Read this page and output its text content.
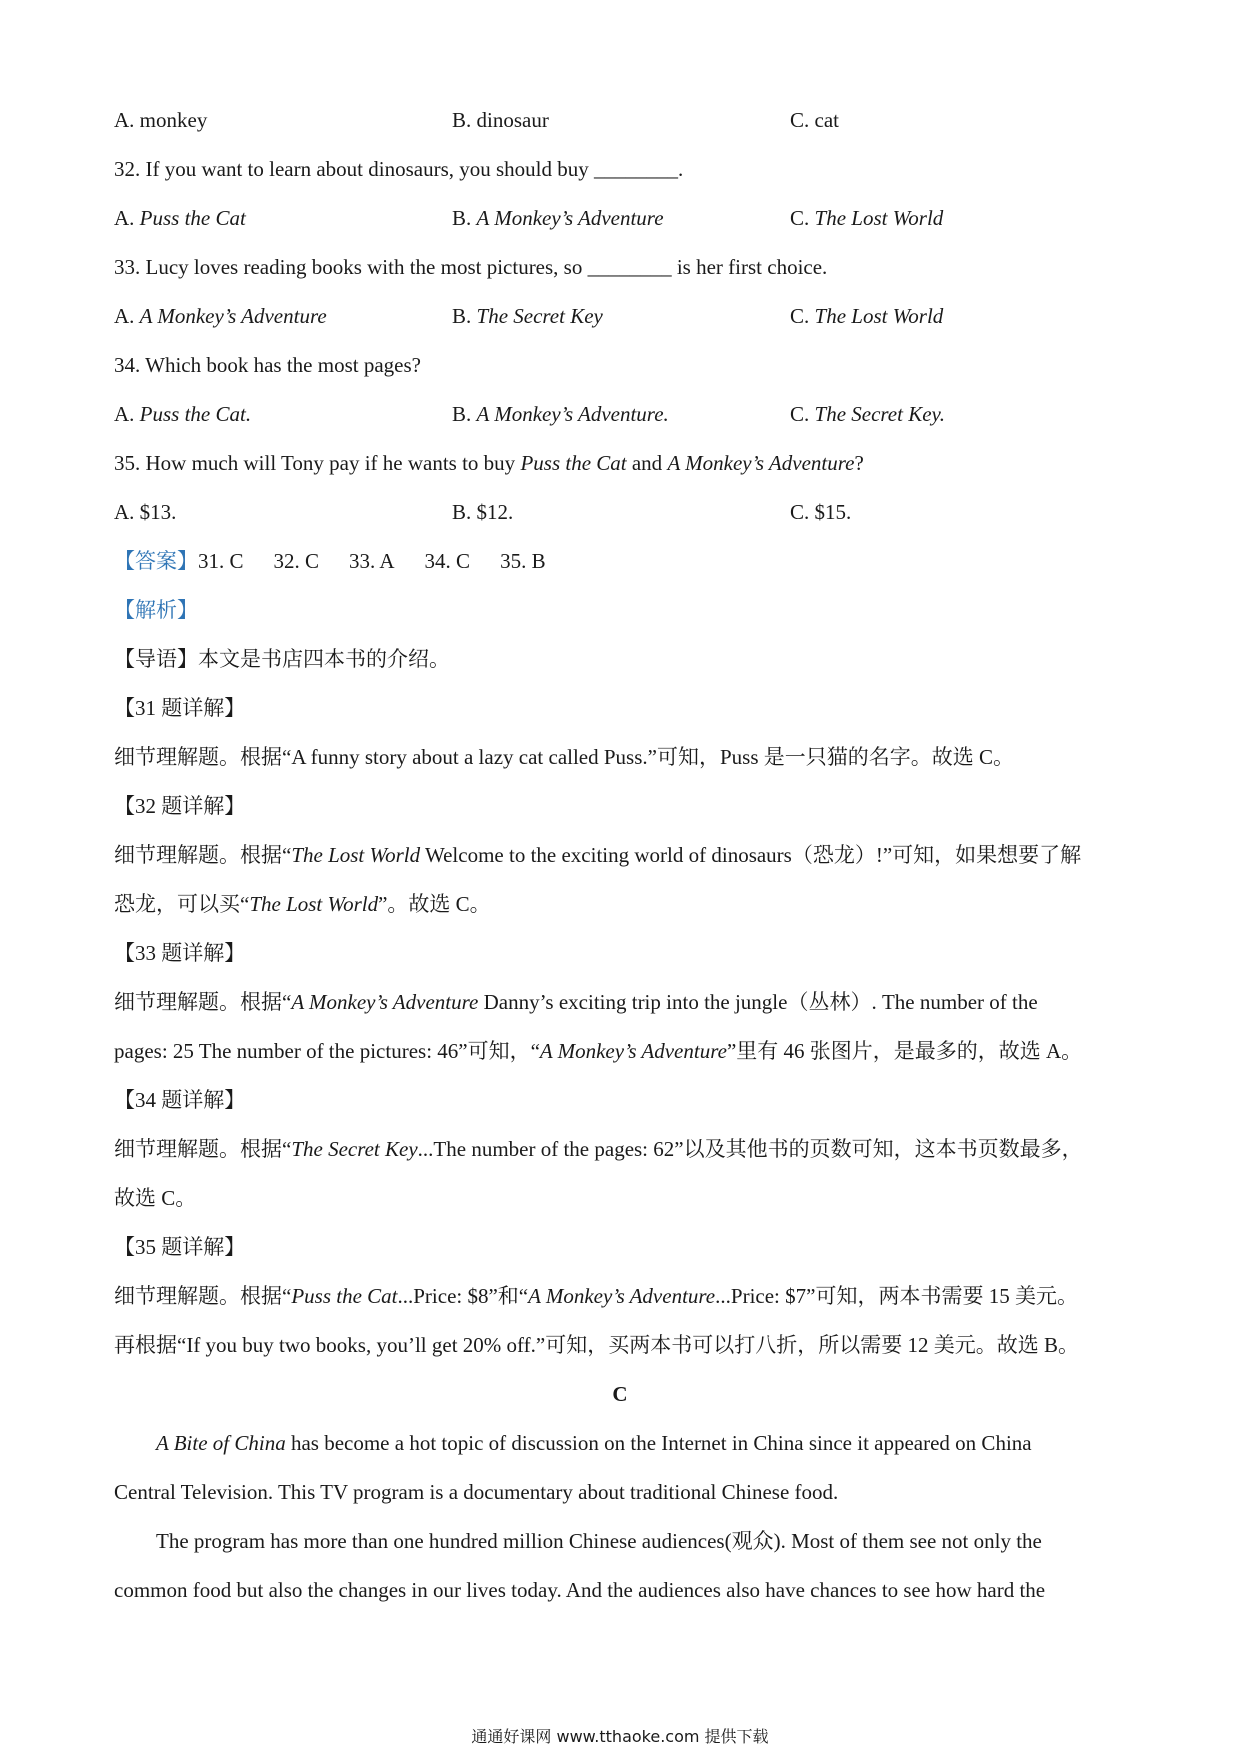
A. monkey	B. dinosaur	C. cat
32. If you want to learn about dinosaurs, you should buy ________.
A. Puss the Cat	B. A Monkey’s Adventure	C. The Lost World
33. Lucy loves reading books with the most pictures, so ________ is her first choice.
A. A Monkey’s Adventure	B. The Secret Key	C. The Lost World
34. Which book has the most pages?
A. Puss the Cat.	B. A Monkey’s Adventure.	C. The Secret Key.
35. How much will Tony pay if he wants to buy Puss the Cat and A Monkey’s Adventure?
A. $13.	B. $12.	C. $15.
【答案】31. C 32. C 33. A 34. C 35. B
【解析】
【导语】本文是书店四本书的介绍。
【31 题详解】
细节理解题。根据“A funny story about a lazy cat called Puss.”可知，Puss 是一只猫的名字。故选 C。
【32 题详解】
细节理解题。根据“The Lost World Welcome to the exciting world of dinosaurs（恐龙）!”可知，如果想要了解
恐龙，可以买“The Lost World”。故选 C。
【33 题详解】
细节理解题。根据“A Monkey’s Adventure Danny’s exciting trip into the jungle（丛林）. The number of the
pages: 25 The number of the pictures: 46”可知，“A Monkey’s Adventure”里有 46 张图片，是最多的，故选 A。
【34 题详解】
细节理解题。根据“The Secret Key...The number of the pages: 62”以及其他书的页数可知，这本书页数最多，
故选 C。
【35 题详解】
细节理解题。根据“Puss the Cat...Price: $8”和“A Monkey’s Adventure...Price: $7”可知，两本书需要 15 美元。
再根据“If you buy two books, you’ll get 20% off.”可知，买两本书可以打八折，所以需要 12 美元。故选 B。
C
A Bite of China has become a hot topic of discussion on the Internet in China since it appeared on China
Central Television. This TV program is a documentary about traditional Chinese food.
The program has more than one hundred million Chinese audiences(观众). Most of them see not only the
common food but also the changes in our lives today. And the audiences also have chances to see how hard the
通通好课网 www.tthaoke.com 提供下载
